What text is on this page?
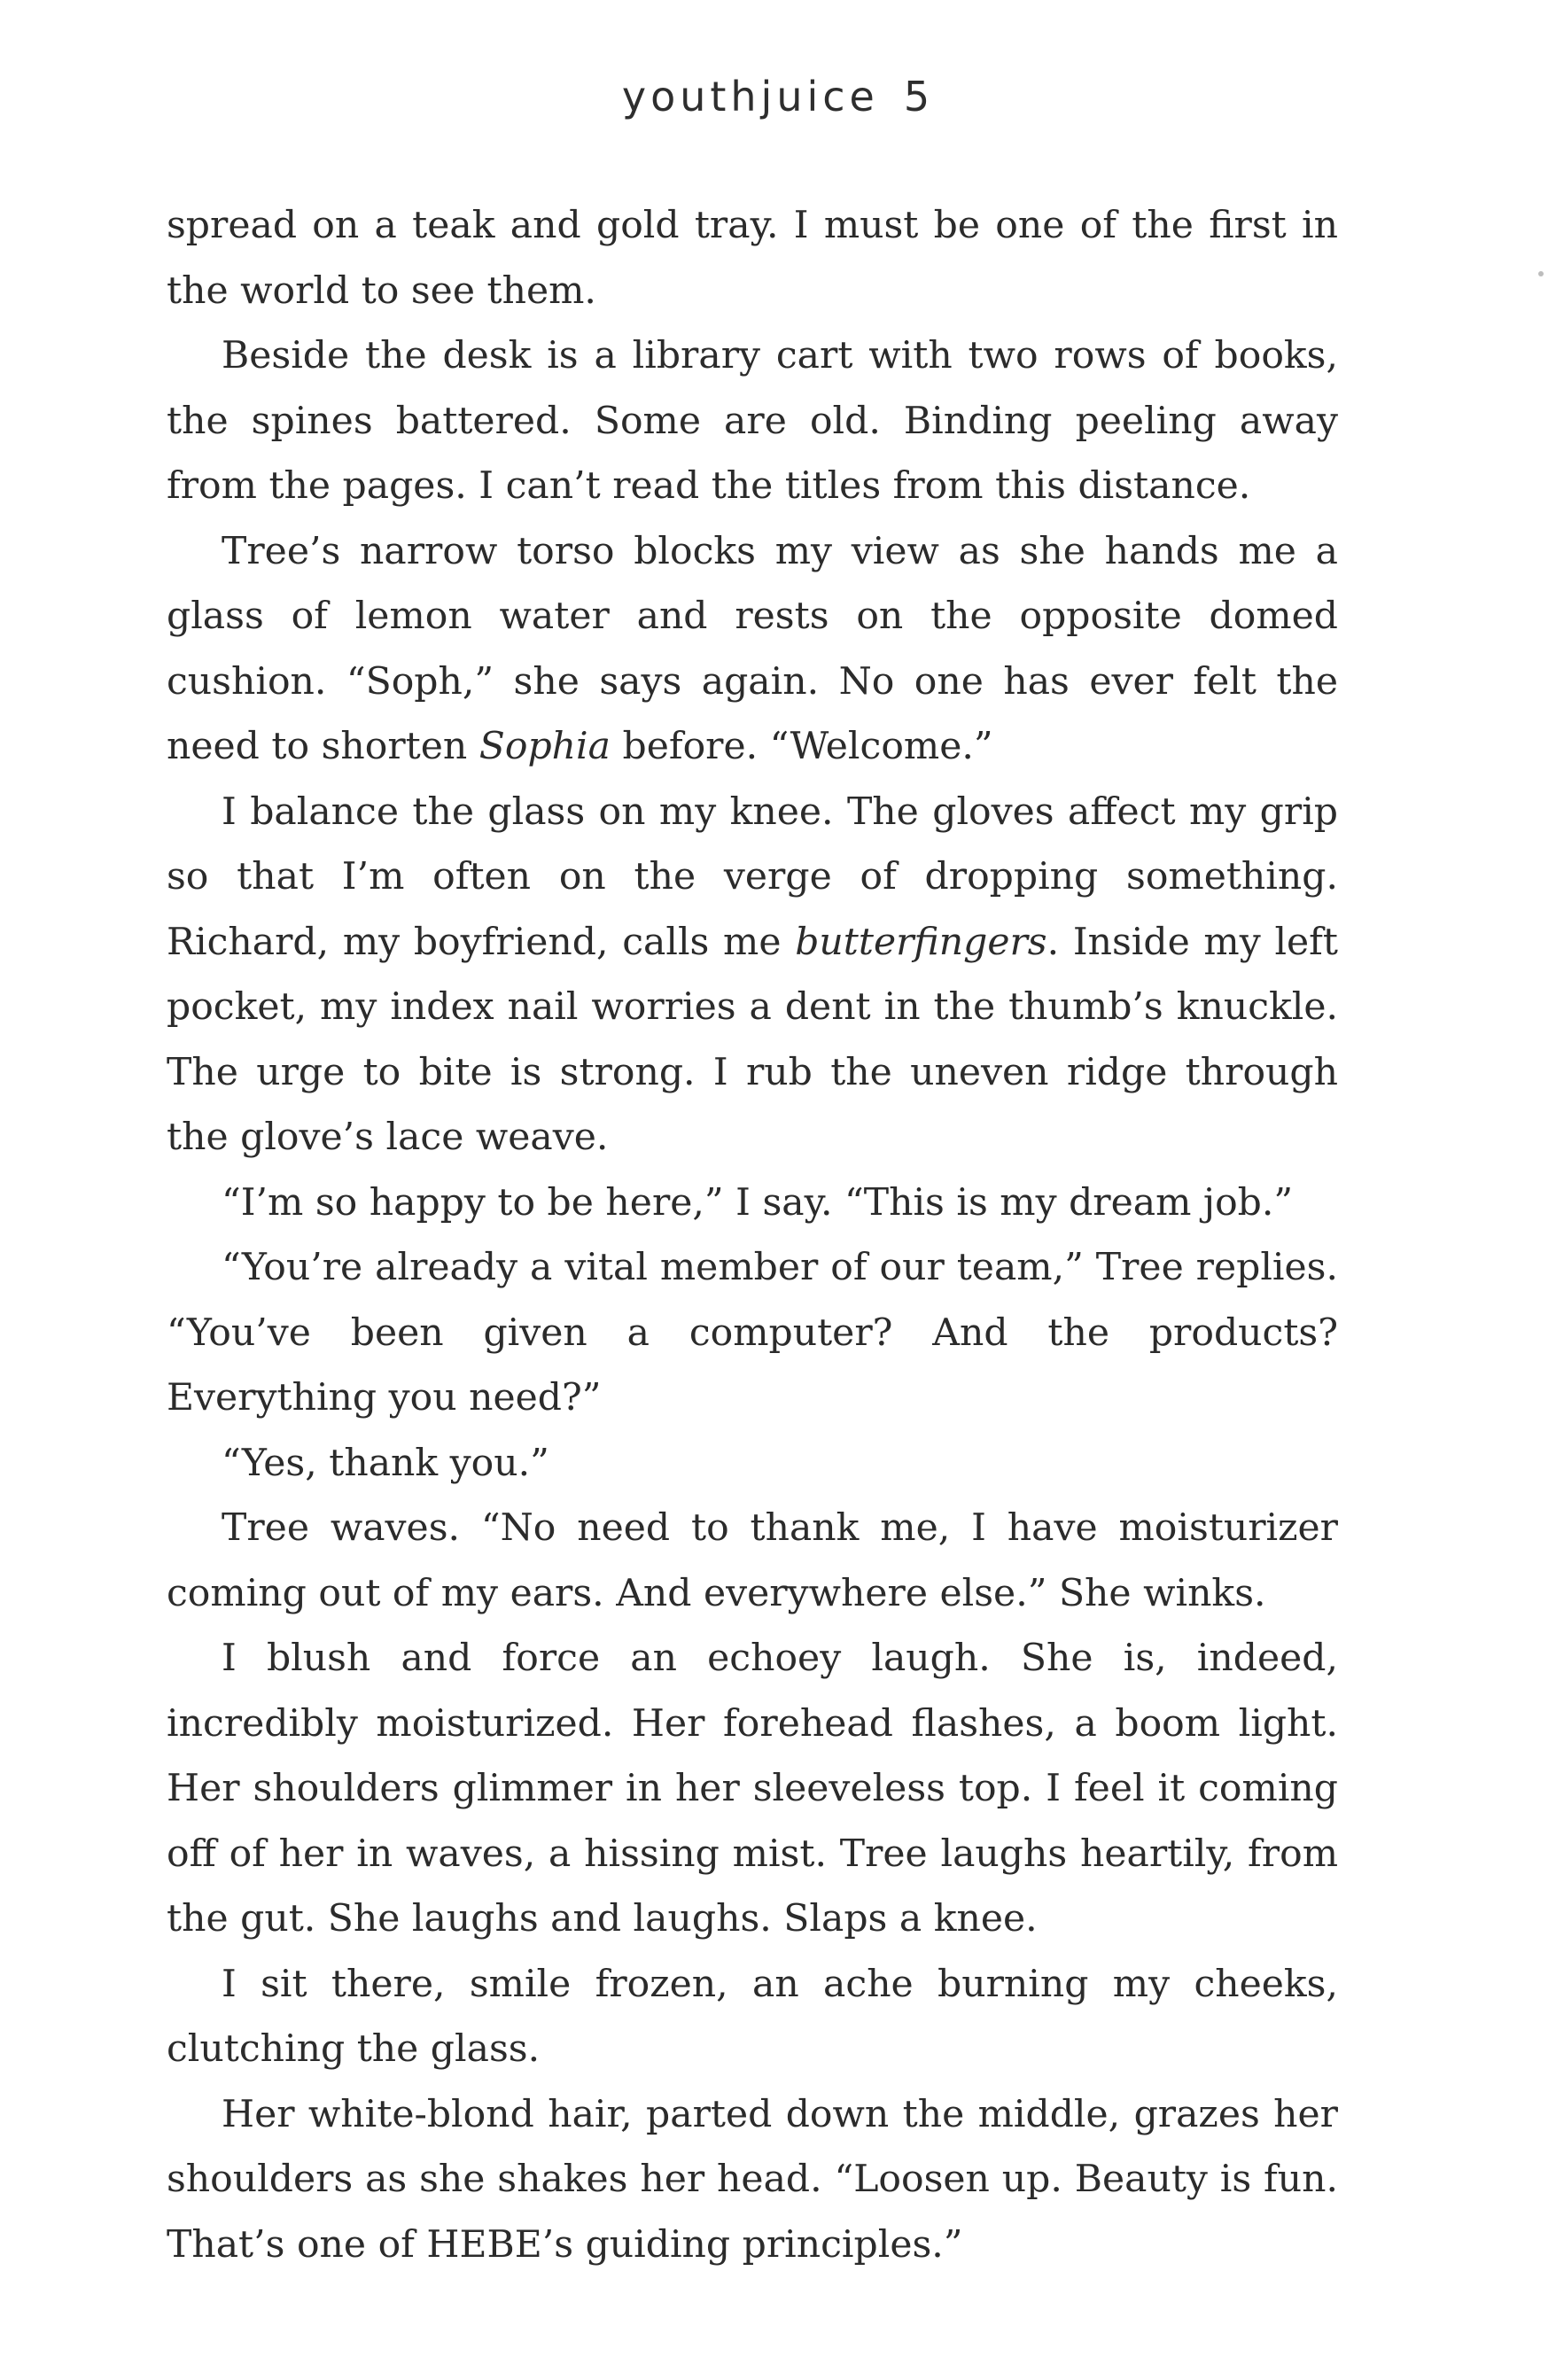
youthjuice 5

spread on a teak and gold tray. I must be one of the first in the world to see them.

Beside the desk is a library cart with two rows of books, the spines battered. Some are old. Binding peeling away from the pages. I can’t read the titles from this distance.

Tree’s narrow torso blocks my view as she hands me a glass of lemon water and rests on the opposite domed cushion. “Soph,” she says again. No one has ever felt the need to shorten Sophia before. “Welcome.”

I balance the glass on my knee. The gloves affect my grip so that I’m often on the verge of dropping something. Richard, my boyfriend, calls me butterfingers. Inside my left pocket, my index nail worries a dent in the thumb’s knuckle. The urge to bite is strong. I rub the uneven ridge through the glove’s lace weave.

“I’m so happy to be here,” I say. “This is my dream job.”

“You’re already a vital member of our team,” Tree replies. “You’ve been given a computer? And the products? Everything you need?”

“Yes, thank you.”

Tree waves. “No need to thank me, I have moisturizer coming out of my ears. And everywhere else.” She winks.

I blush and force an echoey laugh. She is, indeed, incredibly moisturized. Her forehead flashes, a boom light. Her shoulders glimmer in her sleeveless top. I feel it coming off of her in waves, a hissing mist. Tree laughs heartily, from the gut. She laughs and laughs. Slaps a knee.

I sit there, smile frozen, an ache burning my cheeks, clutching the glass.

Her white-blond hair, parted down the middle, grazes her shoulders as she shakes her head. “Loosen up. Beauty is fun. That’s one of HEBE’s guiding principles.”
